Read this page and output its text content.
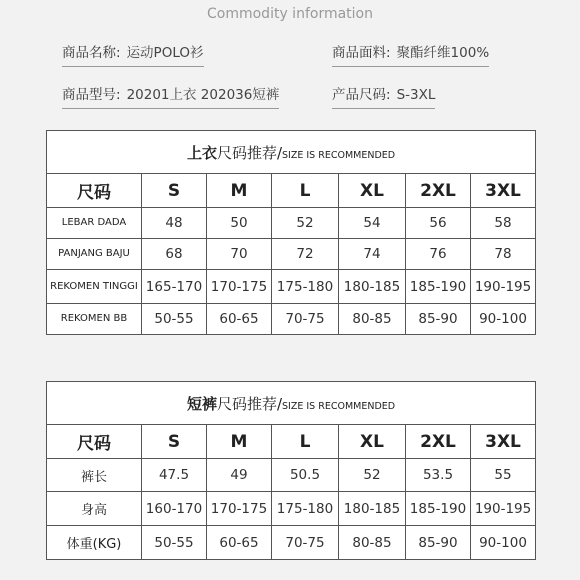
Commodity information
商品名称: 运动POLO衫	商品面料: 聚酯纤维100%
商品型号: 20201上衣 202036短裤	产品尺码: S-3XL
上衣尺码推荐/SIZE IS RECOMMENDED						
尺码	S	M	L	XL	2XL	3XL
LEBAR DADA	48	50	52	54	56	58
PANJANG BAJU	68	70	72	74	76	78
REKOMEN TINGGI	165-170	170-175	175-180	180-185	185-190	190-195
REKOMEN BB	50-55	60-65	70-75	80-85	85-90	90-100
短裤尺码推荐/SIZE IS RECOMMENDED						
尺码	S	M	L	XL	2XL	3XL
裤长	47.5	49	50.5	52	53.5	55
身高	160-170	170-175	175-180	180-185	185-190	190-195
体重(KG)	50-55	60-65	70-75	80-85	85-90	90-100
